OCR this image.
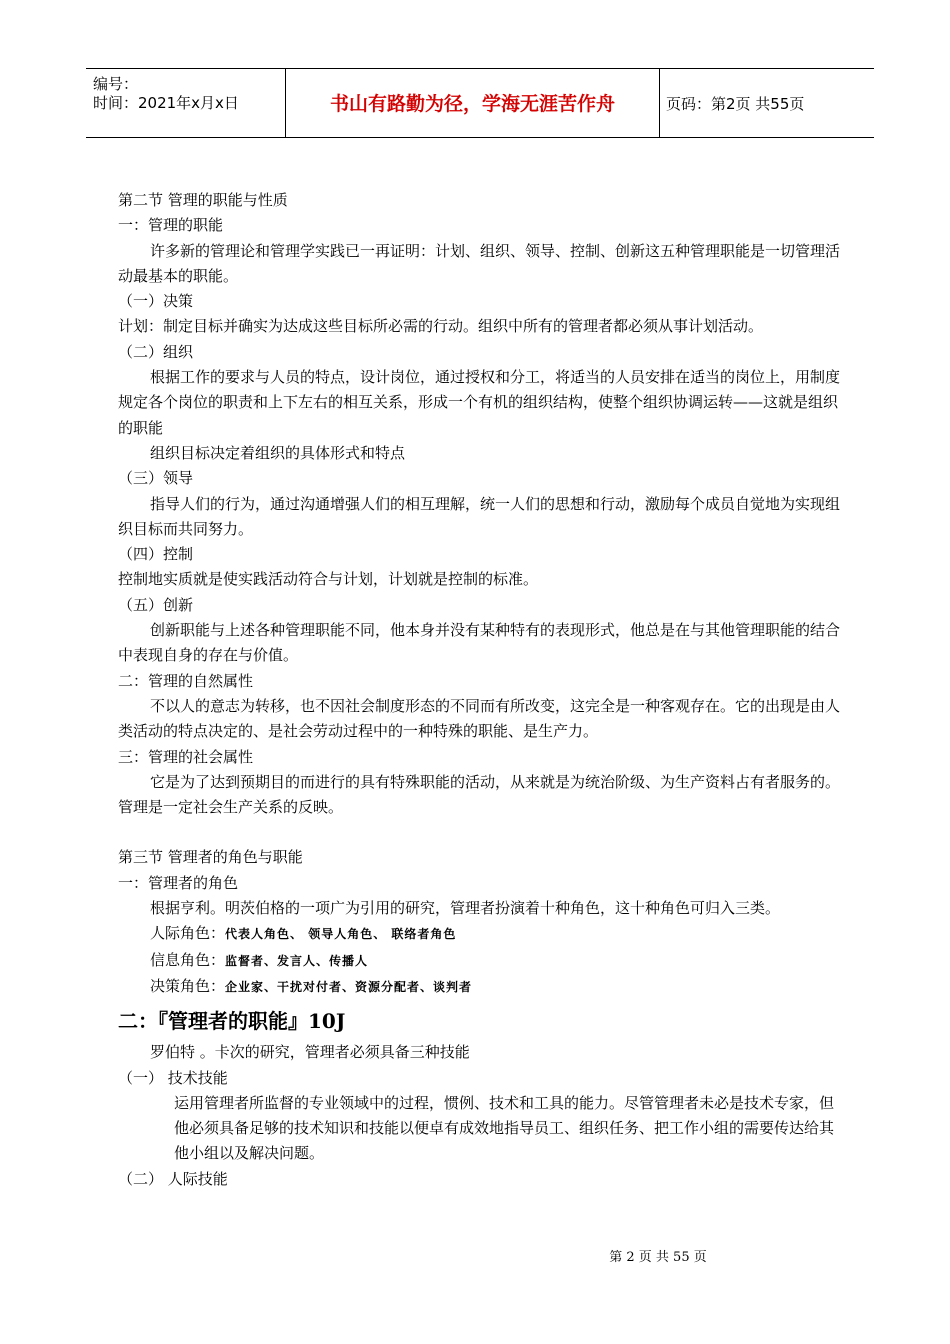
编号：
时间：2021年x月x日	书山有路勤为径，学海无涯苦作舟	页码：第2页 共55页

第二节 管理的职能与性质

一：管理的职能

许多新的管理论和管理学实践已一再证明：计划、组织、领导、控制、创新这五种管理职能是一切管理活动最基本的职能。

（一）决策

计划：制定目标并确实为达成这些目标所必需的行动。组织中所有的管理者都必须从事计划活动。

（二）组织

根据工作的要求与人员的特点，设计岗位，通过授权和分工，将适当的人员安排在适当的岗位上，用制度规定各个岗位的职责和上下左右的相互关系，形成一个有机的组织结构，使整个组织协调运转——这就是组织的职能

组织目标决定着组织的具体形式和特点

（三）领导

指导人们的行为，通过沟通增强人们的相互理解，统一人们的思想和行动，激励每个成员自觉地为实现组织目标而共同努力。

（四）控制

控制地实质就是使实践活动符合与计划，计划就是控制的标准。

（五）创新

创新职能与上述各种管理职能不同，他本身并没有某种特有的表现形式，他总是在与其他管理职能的结合中表现自身的存在与价值。

二：管理的自然属性

不以人的意志为转移，也不因社会制度形态的不同而有所改变，这完全是一种客观存在。它的出现是由人类活动的特点决定的、是社会劳动过程中的一种特殊的职能、是生产力。

三：管理的社会属性

它是为了达到预期目的而进行的具有特殊职能的活动，从来就是为统治阶级、为生产资料占有者服务的。管理是一定社会生产关系的反映。

第三节 管理者的角色与职能

一：管理者的角色

根据亨利。明茨伯格的一项广为引用的研究，管理者扮演着十种角色，这十种角色可归入三类。

人际角色：代表人角色、 领导人角色、 联络者角色

信息角色：监督者、发言人、传播人

决策角色：企业家、干扰对付者、资源分配者、谈判者

二：『管理者的职能』10J

罗伯特 。卡次的研究，管理者必须具备三种技能

（一） 技术技能

运用管理者所监督的专业领域中的过程，惯例、技术和工具的能力。尽管管理者未必是技术专家，但他必须具备足够的技术知识和技能以便卓有成效地指导员工、组织任务、把工作小组的需要传达给其他小组以及解决问题。

（二） 人际技能

第 2 页 共 55 页
